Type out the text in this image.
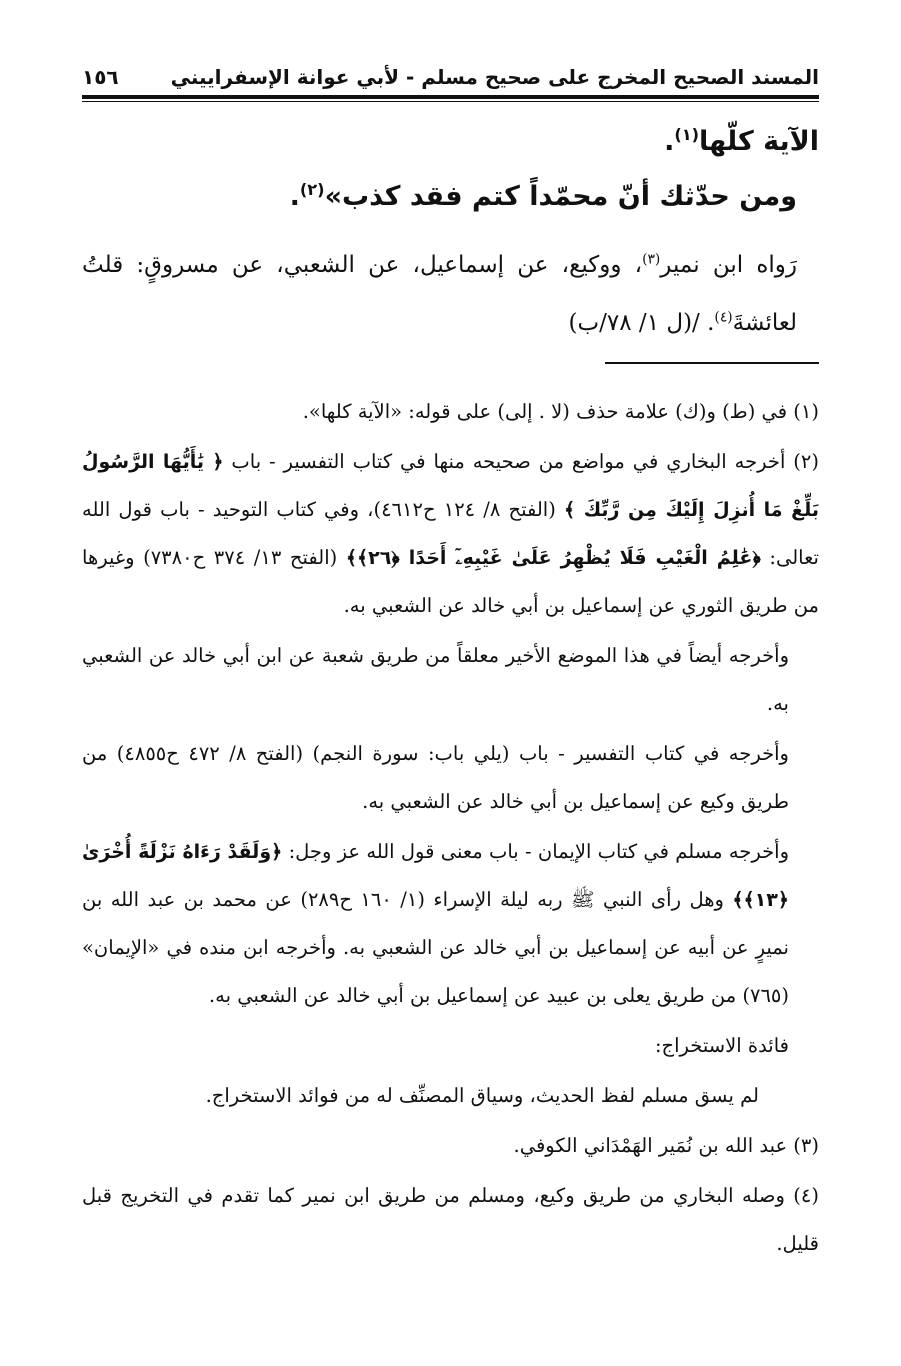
المسند الصحيح المخرج على صحيح مسلم - لأبي عوانة الإسفراييني
١٥٦
الآية كلّها$^{(١)}$.
ومن حدّثك أنّ محمّداً كتم فقد كذب»$^{(٢)}$.
رَواه ابن نمير$^{(٣)}$، ووكيع، عن إسماعيل، عن الشعبي، عن مسروقٍ: قلتُ لعائشةَ$^{(٤)}$. /(ل ١/ ٧٨/ب)

(١) في (ط) و(ك) علامة حذف (لا . إلى) على قوله: «الآية كلها».

(٢) أخرجه البخاري في مواضع من صحيحه منها في كتاب التفسير - باب ﴿ يَٰأَيُّهَا الرَّسُولُ بَلِّغْ مَا أُنزِلَ إِلَيْكَ مِن رَّبِّكَ ﴾ (الفتح ٨/ ١٢٤ ح٤٦١٢)، وفي كتاب التوحيد - باب قول الله تعالى: ﴿عَٰلِمُ الْغَيْبِ فَلَا يُظْهِرُ عَلَىٰ غَيْبِهِۦٓ أَحَدًا ﴿٢٦﴾﴾ (الفتح ١٣/ ٣٧٤ ح٧٣٨٠) وغيرها من طريق الثوري عن إسماعيل بن أبي خالد عن الشعبي به.

وأخرجه أيضاً في هذا الموضع الأخير معلقاً من طريق شعبة عن ابن أبي خالد عن الشعبي به.

وأخرجه في كتاب التفسير - باب (يلي باب: سورة النجم) (الفتح ٨/ ٤٧٢ ح٤٨٥٥) من طريق وكيع عن إسماعيل بن أبي خالد عن الشعبي به.

وأخرجه مسلم في كتاب الإيمان - باب معنى قول الله عز وجل: ﴿وَلَقَدْ رَءَاهُ نَزْلَةً أُخْرَىٰ ﴿١٣﴾﴾ وهل رأى النبي ﷺ ربه ليلة الإسراء (١/ ١٦٠ ح٢٨٩) عن محمد بن عبد الله بن نميرٍ عن أبيه عن إسماعيل بن أبي خالد عن الشعبي به. وأخرجه ابن منده في «الإيمان» (٧٦٥) من طريق يعلى بن عبيد عن إسماعيل بن أبي خالد عن الشعبي به.

فائدة الاستخراج:

لم يسق مسلم لفظ الحديث، وسياق المصنِّف له من فوائد الاستخراج.

(٣) عبد الله بن نُمَير الهَمْدَاني الكوفي.

(٤) وصله البخاري من طريق وكيع، ومسلم من طريق ابن نمير كما تقدم في التخريج قبل قليل.
